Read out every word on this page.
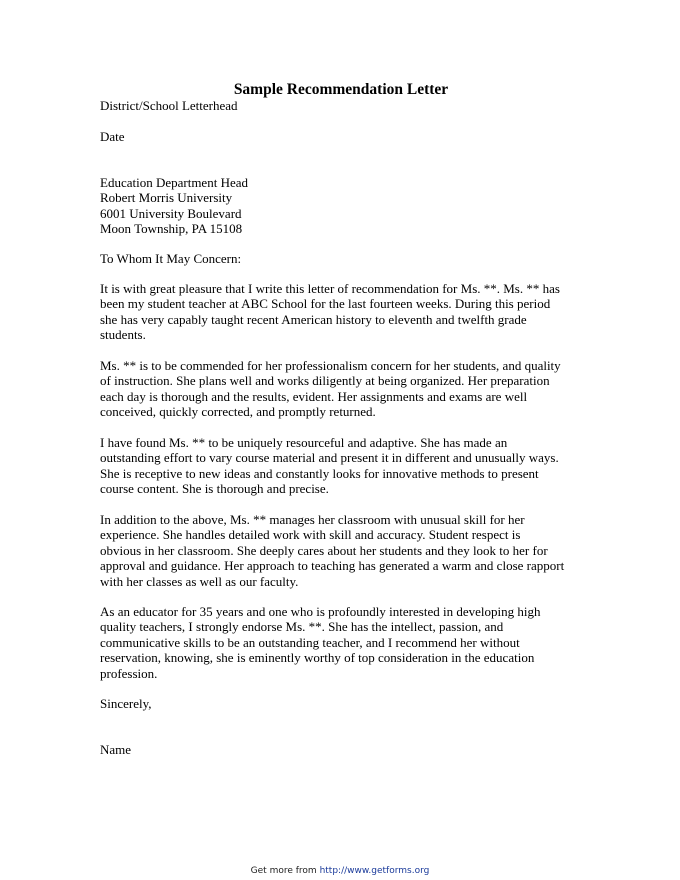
Sample Recommendation Letter
District/School Letterhead
Date
Education Department Head
Robert Morris University
6001 University Boulevard
Moon Township, PA 15108
To Whom It May Concern:
It is with great pleasure that I write this letter of recommendation for Ms. **. Ms. ** has
been my student teacher at ABC School for the last fourteen weeks. During this period
she has very capably taught recent American history to eleventh and twelfth grade
students.
Ms. ** is to be commended for her professionalism concern for her students, and quality
of instruction. She plans well and works diligently at being organized. Her preparation
each day is thorough and the results, evident. Her assignments and exams are well
conceived, quickly corrected, and promptly returned.
I have found Ms. ** to be uniquely resourceful and adaptive. She has made an
outstanding effort to vary course material and present it in different and unusually ways.
She is receptive to new ideas and constantly looks for innovative methods to present
course content. She is thorough and precise.
In addition to the above, Ms. ** manages her classroom with unusual skill for her
experience. She handles detailed work with skill and accuracy. Student respect is
obvious in her classroom. She deeply cares about her students and they look to her for
approval and guidance. Her approach to teaching has generated a warm and close rapport
with her classes as well as our faculty.
As an educator for 35 years and one who is profoundly interested in developing high
quality teachers, I strongly endorse Ms. **. She has the intellect, passion, and
communicative skills to be an outstanding teacher, and I recommend her without
reservation, knowing, she is eminently worthy of top consideration in the education
profession.
Sincerely,
Name
Get more from http://www.getforms.org
